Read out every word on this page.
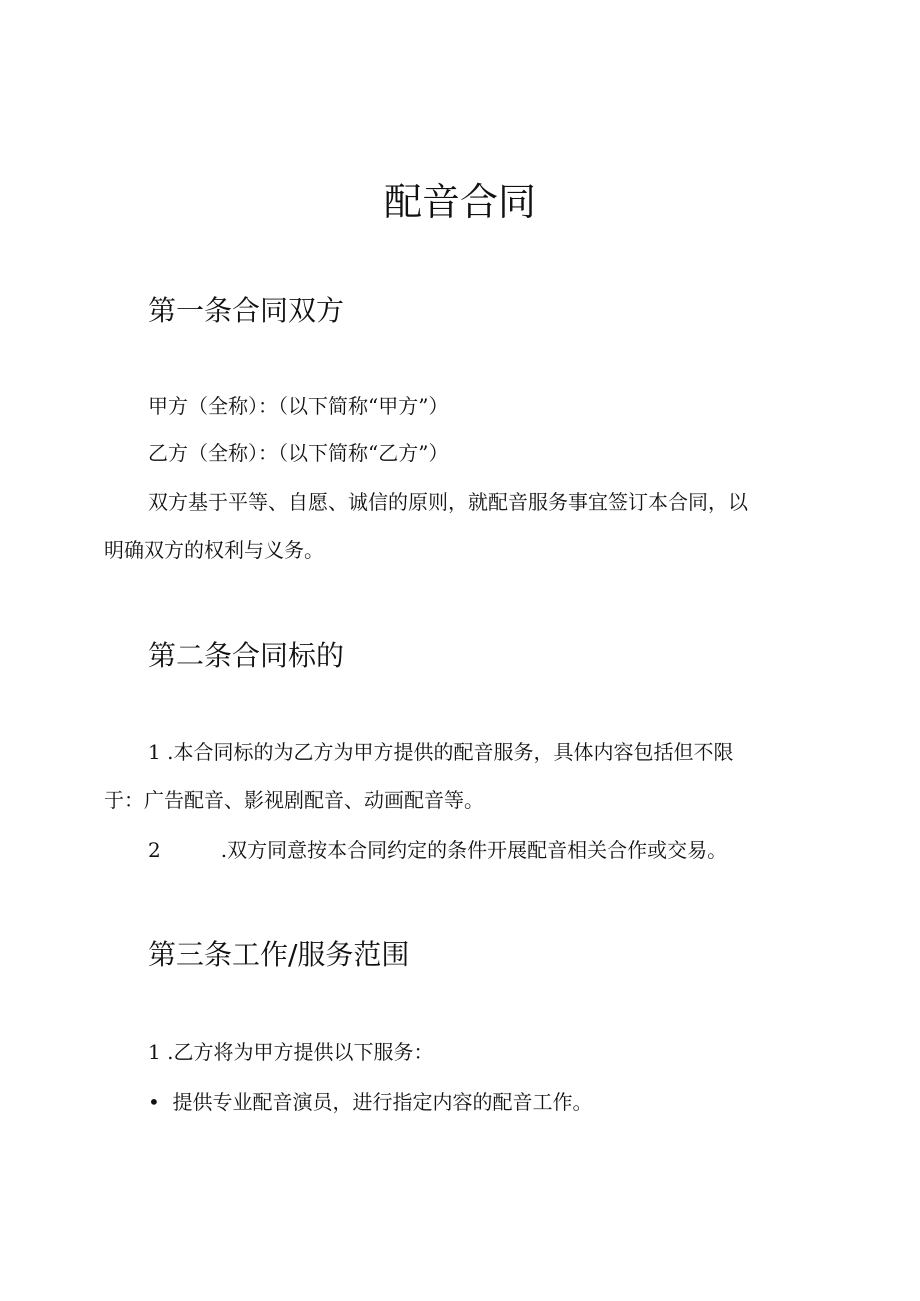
配音合同
第一条合同双方

甲方（全称）：（以下简称“甲方”）

乙方（全称）：（以下简称“乙方”）

双方基于平等、自愿、诚信的原则，就配音服务事宜签订本合同，以

明确双方的权利与义务。

第二条合同标的

1 .本合同标的为乙方为甲方提供的配音服务，具体内容包括但不限

于：广告配音、影视剧配音、动画配音等。

2	.双方同意按本合同约定的条件开展配音相关合作或交易。

第三条工作/服务范围

1 .乙方将为甲方提供以下服务：

• 提供专业配音演员，进行指定内容的配音工作。
